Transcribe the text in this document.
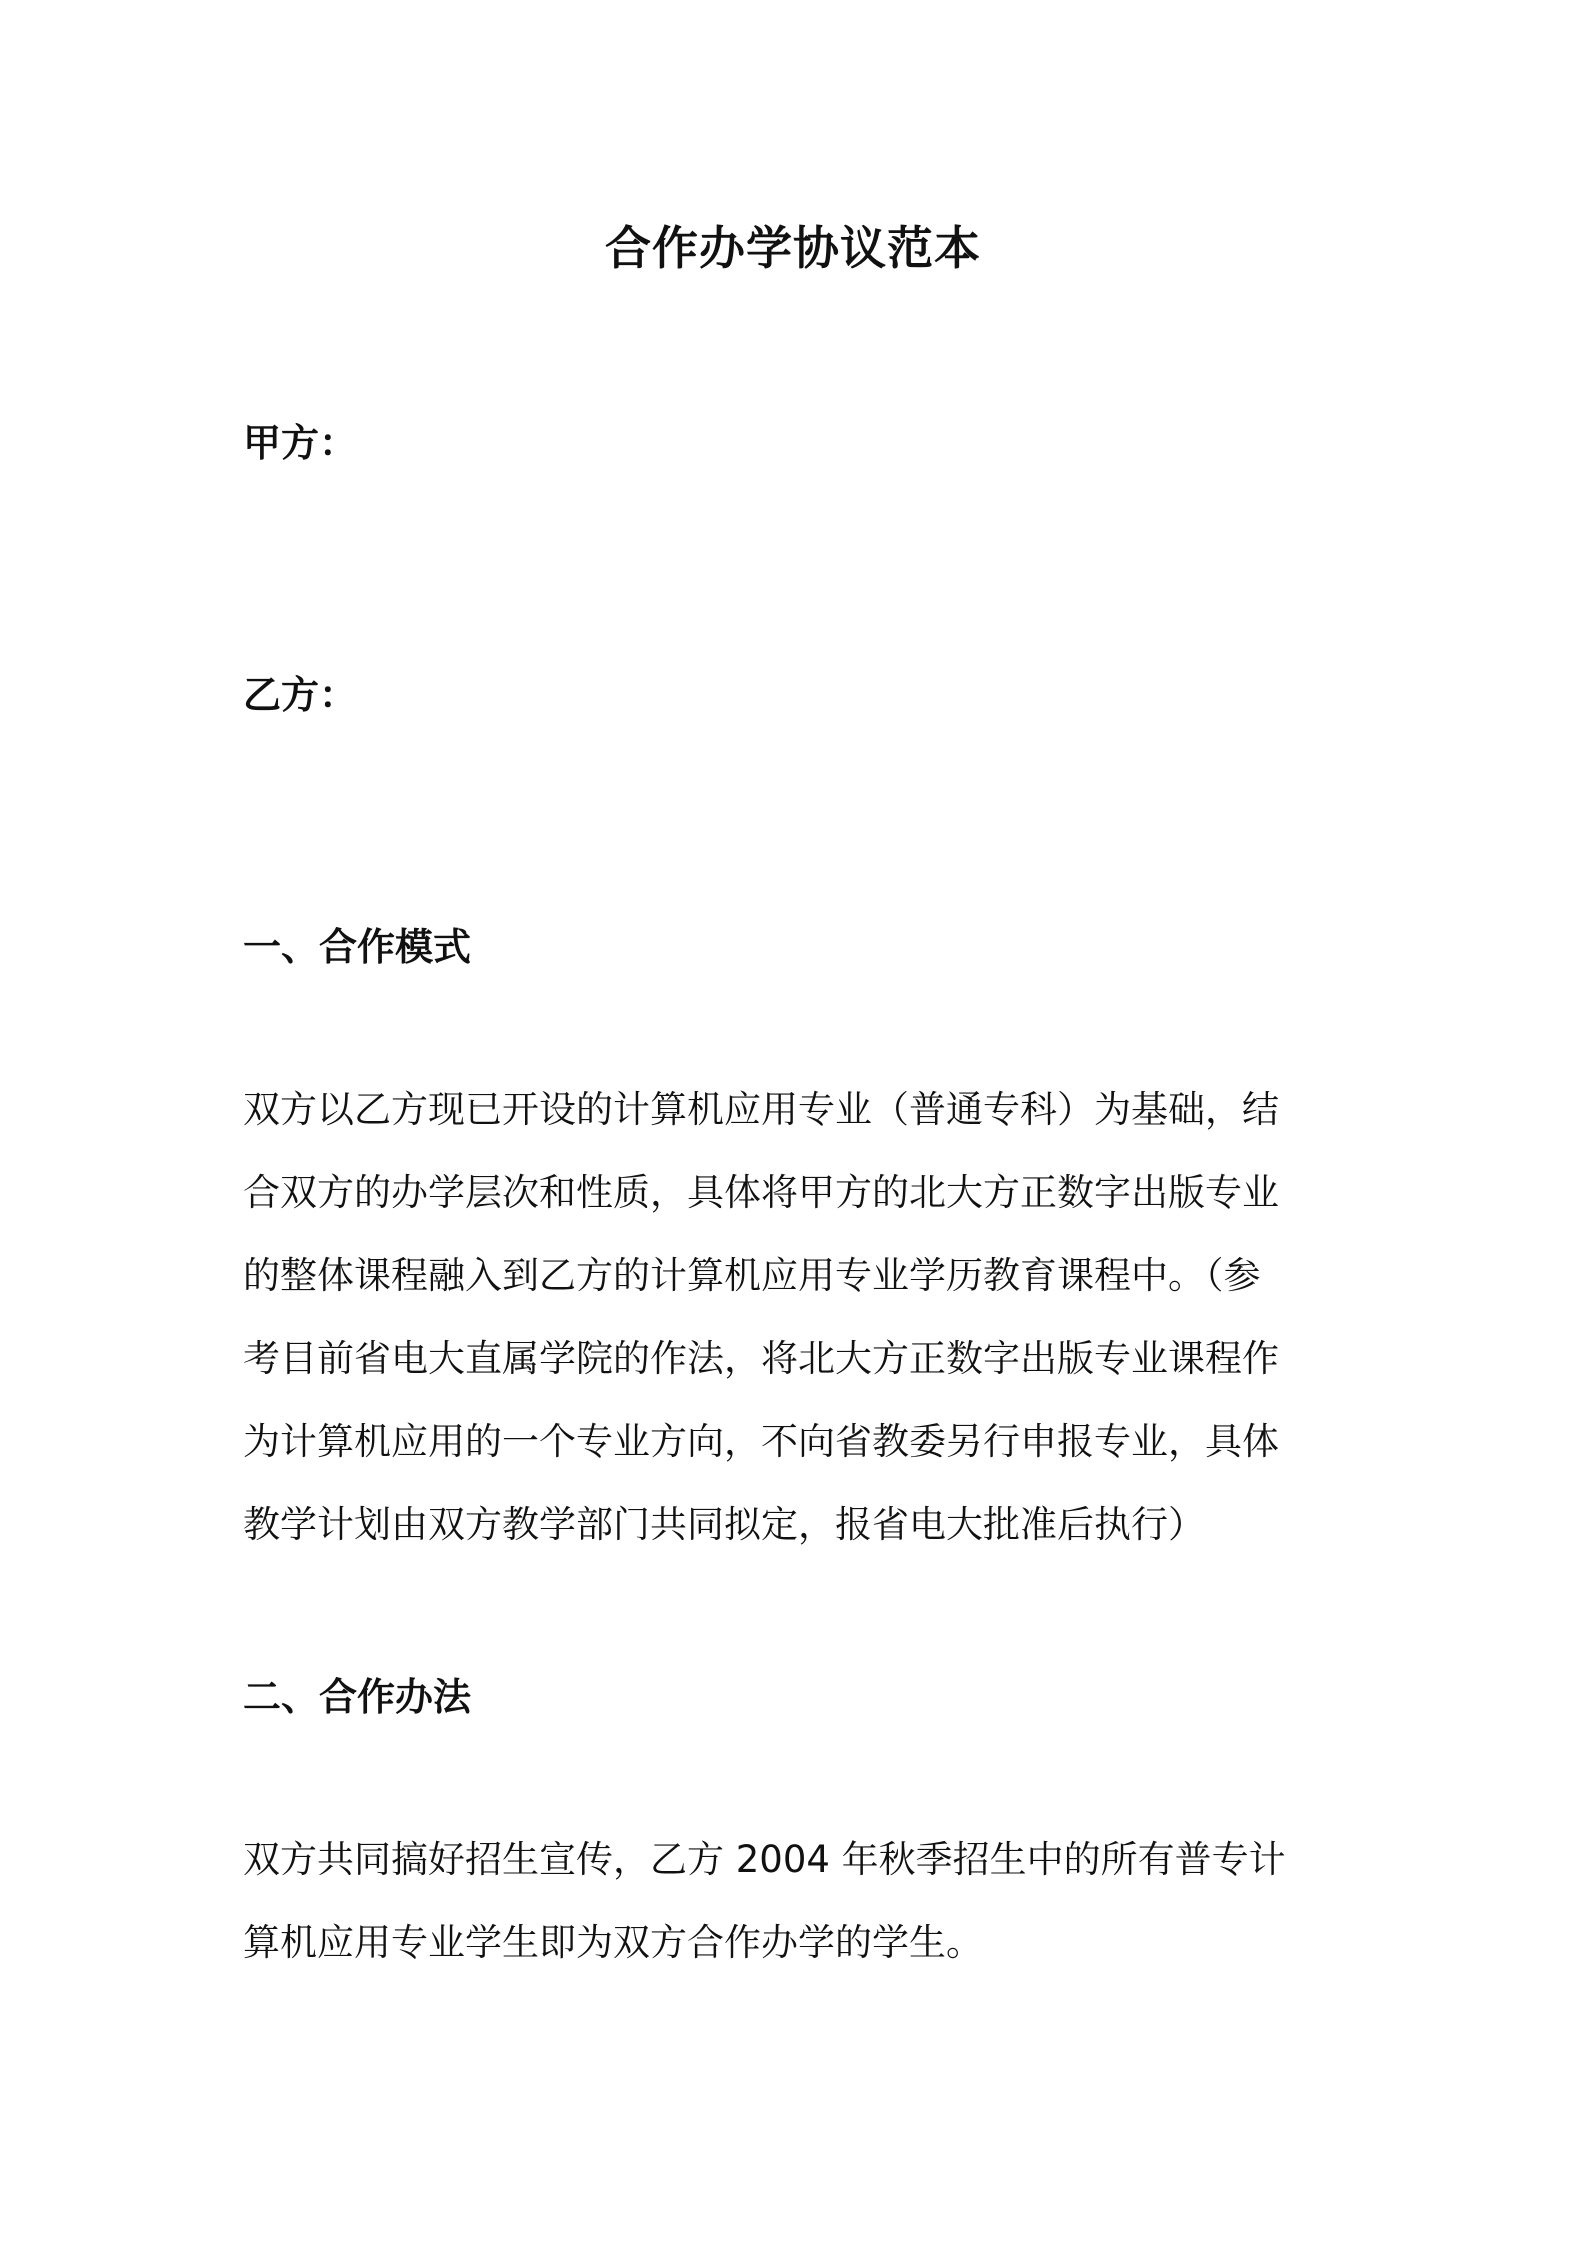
合作办学协议范本
甲方：
乙方：
一、合作模式

双方以乙方现已开设的计算机应用专业（普通专科）为基础，结
合双方的办学层次和性质，具体将甲方的北大方正数字出版专业
的整体课程融入到乙方的计算机应用专业学历教育课程中。（参
考目前省电大直属学院的作法，将北大方正数字出版专业课程作
为计算机应用的一个专业方向，不向省教委另行申报专业，具体
教学计划由双方教学部门共同拟定，报省电大批准后执行）

二、合作办法

双方共同搞好招生宣传，乙方 2004 年秋季招生中的所有普专计
算机应用专业学生即为双方合作办学的学生。
